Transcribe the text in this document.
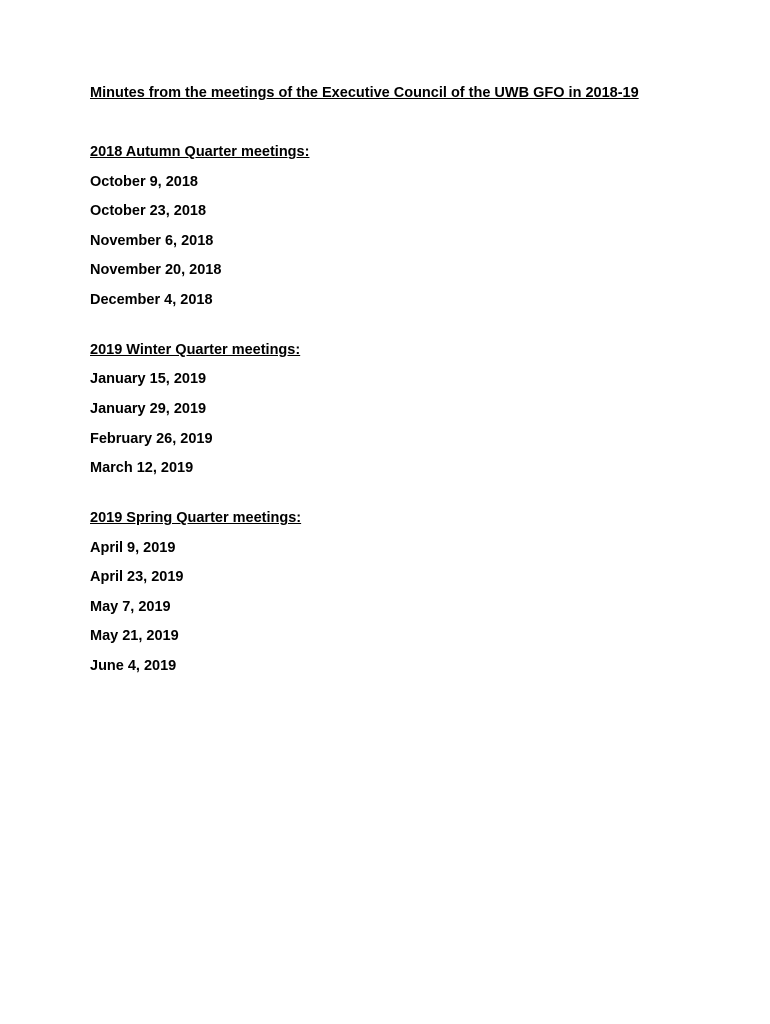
Minutes from the meetings of the Executive Council of the UWB GFO in 2018-19
2018 Autumn Quarter meetings:
October 9, 2018
October 23, 2018
November 6, 2018
November 20, 2018
December 4, 2018
2019 Winter Quarter meetings:
January 15, 2019
January 29, 2019
February 26, 2019
March 12, 2019
2019 Spring Quarter meetings:
April 9, 2019
April 23, 2019
May 7, 2019
May 21, 2019
June 4, 2019
